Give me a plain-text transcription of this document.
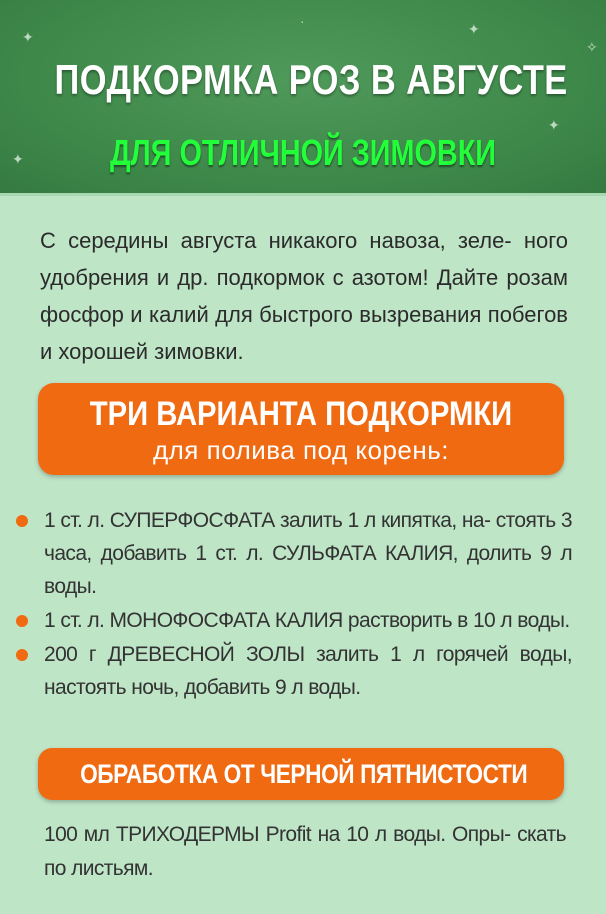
✦	✦
✦
✦
✧
·
ПОДКОРМКА РОЗ В АВГУСТЕ
ДЛЯ ОТЛИЧНОЙ ЗИМОВКИ
С середины августа никакого навоза, зеле- ного удобрения и др. подкормок с азотом! Дайте розам фосфор и калий для быстрого вызревания побегов и хорошей зимовки.
ТРИ ВАРИАНТА ПОДКОРМКИ
для полива под корень:
1 ст. л. СУПЕРФОСФАТА залить 1 л кипятка, на- стоять 3 часа, добавить 1 ст. л. СУЛЬФАТА КАЛИЯ, долить 9 л воды.
1 ст. л. МОНОФОСФАТА КАЛИЯ растворить в 10 л воды.
200 г ДРЕВЕСНОЙ ЗОЛЫ залить 1 л горячей воды, настоять ночь, добавить 9 л воды.
ОБРАБОТКА ОТ ЧЕРНОЙ ПЯТНИСТОСТИ
100 мл ТРИХОДЕРМЫ Profit на 10 л воды. Опры- скать по листьям.
